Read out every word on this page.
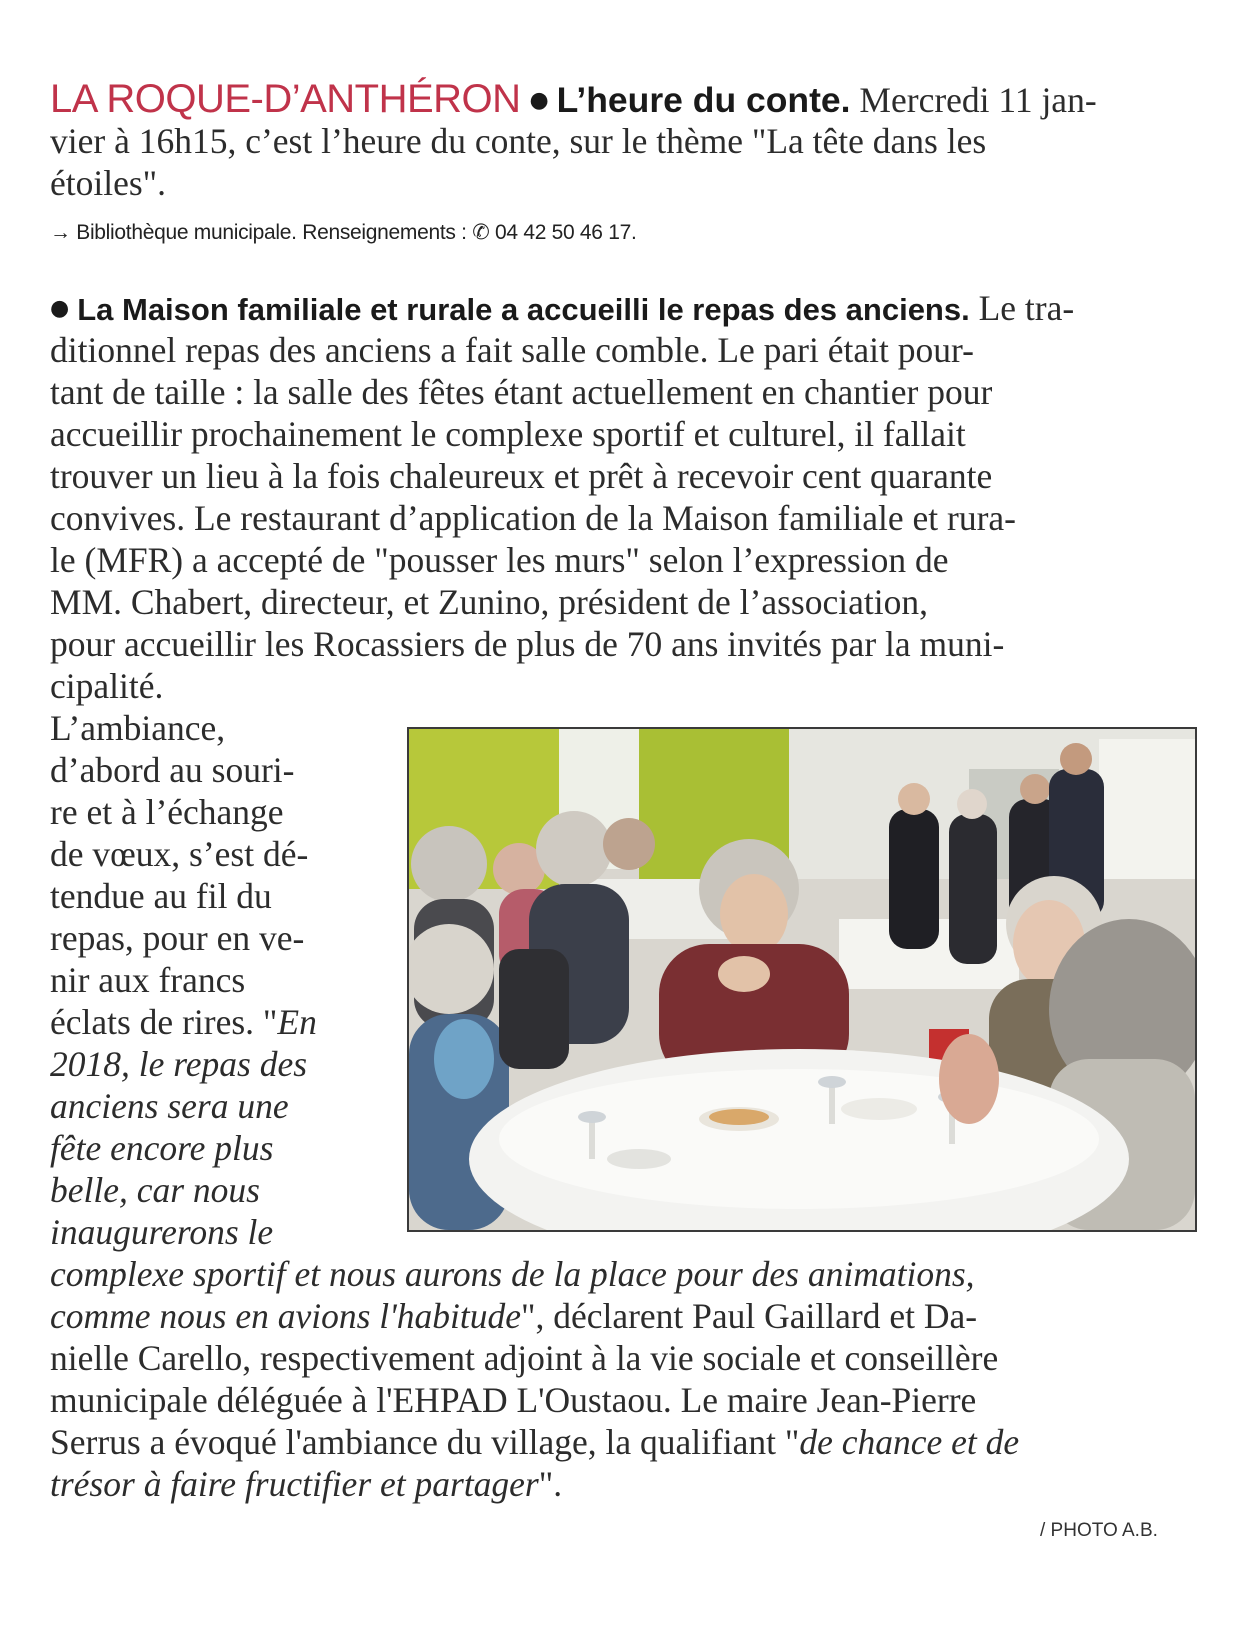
LA ROQUE-D’ANTHÉRON ● L’heure du conte. Mercredi 11 jan-
vier à 16h15, c’est l’heure du conte, sur le thème "La tête dans les
étoiles".
→ Bibliothèque municipale. Renseignements : ✆ 04 42 50 46 17.
● La Maison familiale et rurale a accueilli le repas des anciens. Le tra-
ditionnel repas des anciens a fait salle comble. Le pari était pour-
tant de taille : la salle des fêtes étant actuellement en chantier pour
accueillir prochainement le complexe sportif et culturel, il fallait
trouver un lieu à la fois chaleureux et prêt à recevoir cent quarante
convives. Le restaurant d’application de la Maison familiale et rura-
le (MFR) a accepté de "pousser les murs" selon l’expression de
MM. Chabert, directeur, et Zunino, président de l’association,
pour accueillir les Rocassiers de plus de 70 ans invités par la muni-
cipalité.
L’ambiance,
d’abord au souri-
re et à l’échange
de vœux, s’est dé-
tendue au fil du
repas, pour en ve-
nir aux francs
éclats de rires. "En
2018, le repas des
anciens sera une
fête encore plus
belle, car nous
inaugurerons le
complexe sportif et nous aurons de la place pour des animations,
comme nous en avions l'habitude", déclarent Paul Gaillard et Da-
nielle Carello, respectivement adjoint à la vie sociale et conseillère
municipale déléguée à l'EHPAD L'Oustaou. Le maire Jean-Pierre
Serrus a évoqué l'ambiance du village, la qualifiant "de chance et de
trésor à faire fructifier et partager".
/ PHOTO A.B.
